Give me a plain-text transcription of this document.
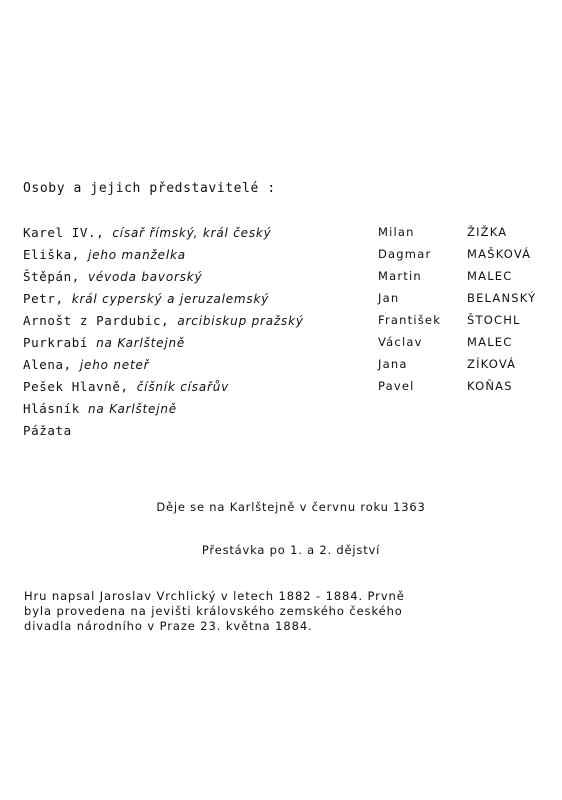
Osoby a jejich představitelé :
Karel IV., císař římský, král český	Milan	ŽIŽKA
Eliška, jeho manželka	Dagmar	MAŠKOVÁ
Štěpán, vévoda bavorský	Martin	MALEC
Petr, král cyperský a jeruzalemský	Jan	BELANSKÝ
Arnošt z Pardubic, arcibiskup pražský	František ŠTOCHL
Purkrabí na Karlštejně	Václav	MALEC
Alena, jeho neteř	Jana	ZÍKOVÁ
Pešek Hlavně, číšník císařův	Pavel	KOŇAS
Hlásník na Karlštejně
Pážata
Děje se na Karlštejně v červnu roku 1363
Přestávka po 1. a 2. dějství
Hru napsal Jaroslav Vrchlický v letech 1882 - 1884. Prvně
byla provedena na jevišti královského zemského českého
divadla národního v Praze 23. května 1884.
